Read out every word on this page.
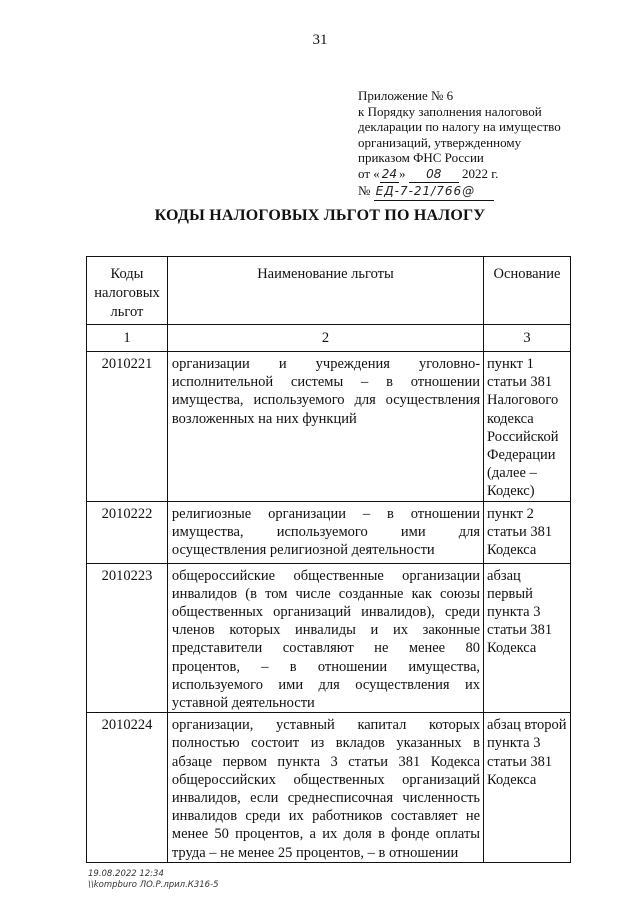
31
Приложение № 6
к Порядку заполнения налоговой
декларации по налогу на имущество
организаций, утвержденному
приказом ФНС России
от « 24 » 08 2022 г.
№ ЕД-7-21/766@
КОДЫ НАЛОГОВЫХ ЛЬГОТ ПО НАЛОГУ
Коды налоговых льгот	Наименование льготы	Основание
1	2	3
2010221	организации и учреждения уголовно-исполнительной системы – в отношении имущества, используемого для осуществления возложенных на них функций	пункт 1 статьи 381 Налогового кодекса Российской Федерации (далее – Кодекс)
2010222	религиозные организации – в отношении имущества, используемого ими для осуществления религиозной деятельности	пункт 2 статьи 381 Кодекса
2010223	общероссийские общественные организации инвалидов (в том числе созданные как союзы общественных организаций инвалидов), среди членов которых инвалиды и их законные представители составляют не менее 80 процентов, – в отношении имущества, используемого ими для осуществления их уставной деятельности	абзац первый пункта 3 статьи 381 Кодекса
2010224	организации, уставный капитал которых полностью состоит из вкладов указанных в абзаце первом пункта 3 статьи 381 Кодекса общероссийских общественных организаций инвалидов, если среднесписочная численность инвалидов среди их работников составляет не менее 50 процентов, а их доля в фонде оплаты труда – не менее 25 процентов, – в отношении	абзац второй пункта 3 статьи 381 Кодекса
19.08.2022 12:34
\\kompburo ЛО.Р.лрил.К316-5
